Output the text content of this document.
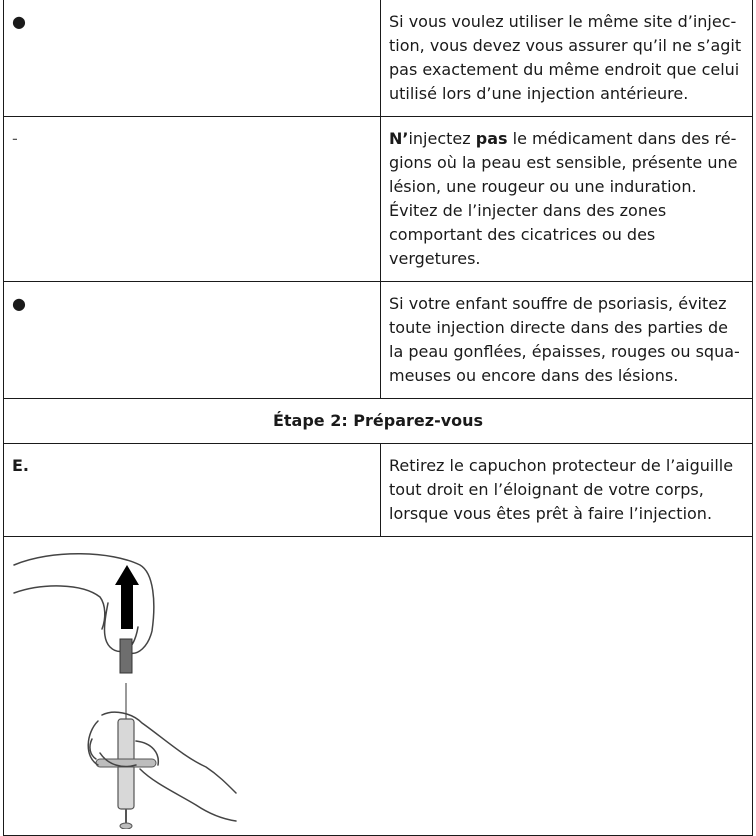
●	Si vous voulez utiliser le même site d’injec-tion, vous devez vous assurer qu’il ne s’agit pas exactement du même endroit que celui utilisé lors d’une injection antérieure.
-	N’injectez pas le médicament dans des ré-gions où la peau est sensible, présente une lésion, une rougeur ou une induration. Évitez de l’injecter dans des zones comportant des cicatrices ou des vergetures.
●	Si votre enfant souffre de psoriasis, évitez toute injection directe dans des parties de la peau gonflées, épaisses, rouges ou squa-meuses ou encore dans des lésions.
Étape 2: Préparez-vous	
E.	Retirez le capuchon protecteur de l’aiguille tout droit en l’éloignant de votre corps, lorsque vous êtes prêt à faire l’injection.
